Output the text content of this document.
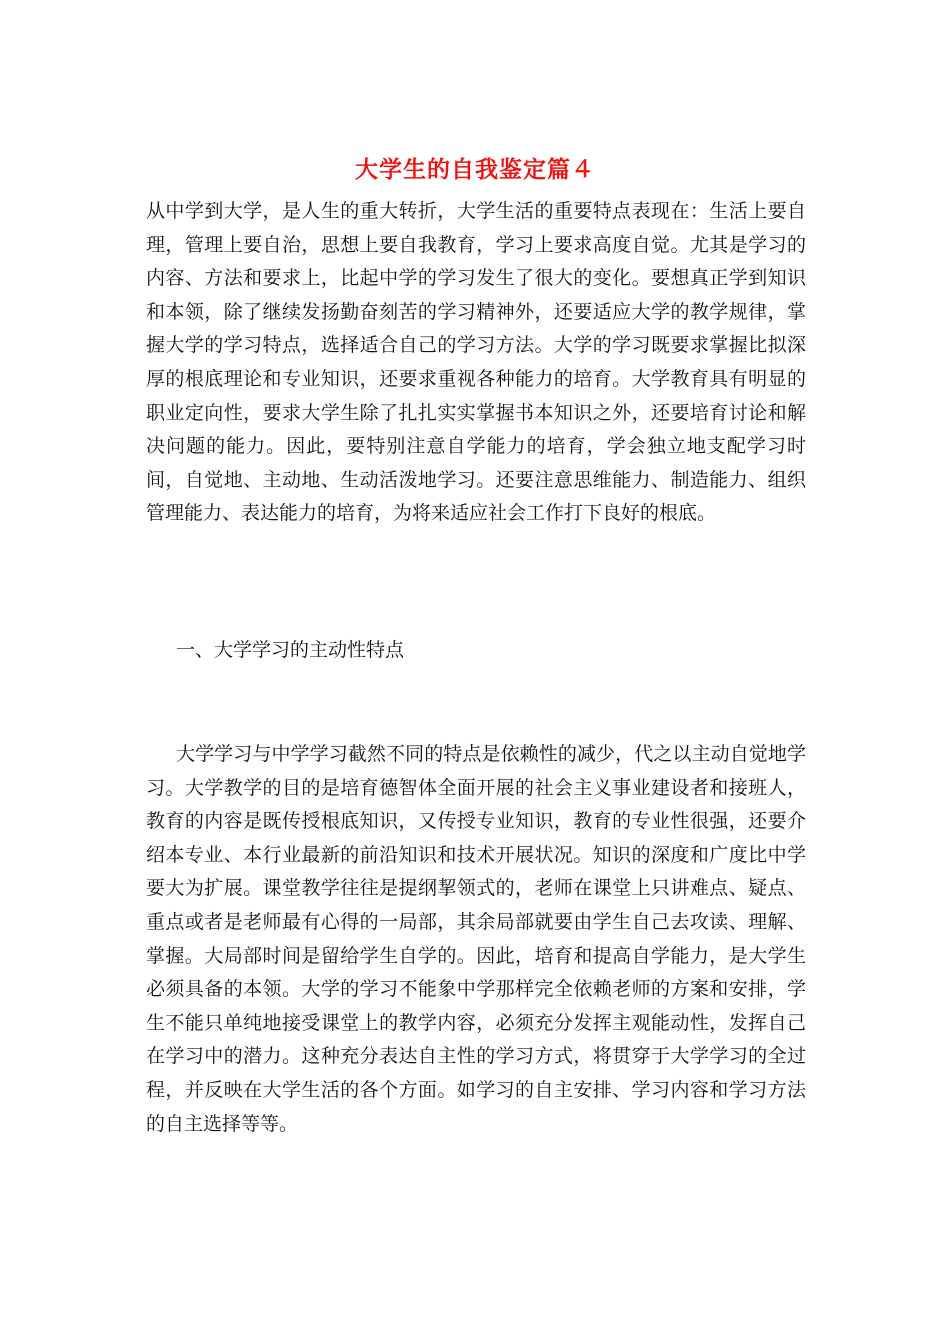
大学生的自我鉴定篇４

从中学到大学，是人生的重大转折，大学生活的重要特点表现在：生活上要自理，管理上要自治，思想上要自我教育，学习上要求高度自觉。尤其是学习的内容、方法和要求上，比起中学的学习发生了很大的变化。要想真正学到知识和本领，除了继续发扬勤奋刻苦的学习精神外，还要适应大学的教学规律，掌握大学的学习特点，选择适合自己的学习方法。大学的学习既要求掌握比拟深厚的根底理论和专业知识，还要求重视各种能力的培育。大学教育具有明显的职业定向性，要求大学生除了扎扎实实掌握书本知识之外，还要培育讨论和解决问题的能力。因此，要特别注意自学能力的培育，学会独立地支配学习时间，自觉地、主动地、生动活泼地学习。还要注意思维能力、制造能力、组织管理能力、表达能力的培育，为将来适应社会工作打下良好的根底。

一、大学学习的主动性特点

大学学习与中学学习截然不同的特点是依赖性的减少，代之以主动自觉地学习。大学教学的目的是培育德智体全面开展的社会主义事业建设者和接班人，教育的内容是既传授根底知识，又传授专业知识，教育的专业性很强，还要介绍本专业、本行业最新的前沿知识和技术开展状况。知识的深度和广度比中学要大为扩展。课堂教学往往是提纲挈领式的，老师在课堂上只讲难点、疑点、重点或者是老师最有心得的一局部，其余局部就要由学生自己去攻读、理解、掌握。大局部时间是留给学生自学的。因此，培育和提高自学能力，是大学生必须具备的本领。大学的学习不能象中学那样完全依赖老师的方案和安排，学生不能只单纯地接受课堂上的教学内容，必须充分发挥主观能动性，发挥自己在学习中的潜力。这种充分表达自主性的学习方式，将贯穿于大学学习的全过程，并反映在大学生活的各个方面。如学习的自主安排、学习内容和学习方法的自主选择等等。
